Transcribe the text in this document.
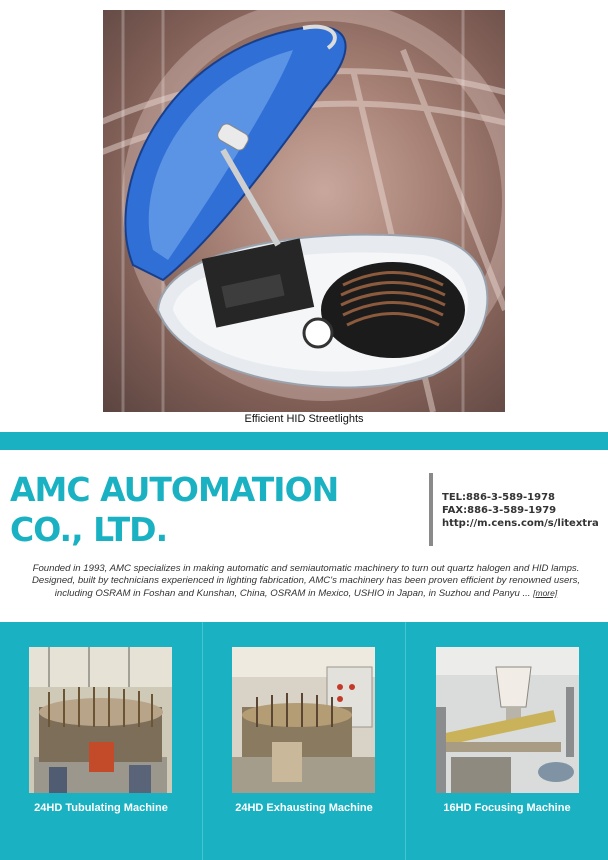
Efficient HID Streetlights
AMC AUTOMATION CO., LTD.
TEL:886-3-589-1978
FAX:886-3-589-1979
http://m.cens.com/s/litextra
Founded in 1993, AMC specializes in making automatic and semiautomatic machinery to turn out quartz halogen and HID lamps. Designed, built by technicians experienced in lighting fabrication, AMC's machinery has been proven efficient by renowned users, including OSRAM in Foshan and Kunshan, China, OSRAM in Mexico, USHIO in Japan, in Suzhou and Panyu ... [more]
24HD Tubulating Machine	24HD Exhausting Machine	16HD Focusing Machine
